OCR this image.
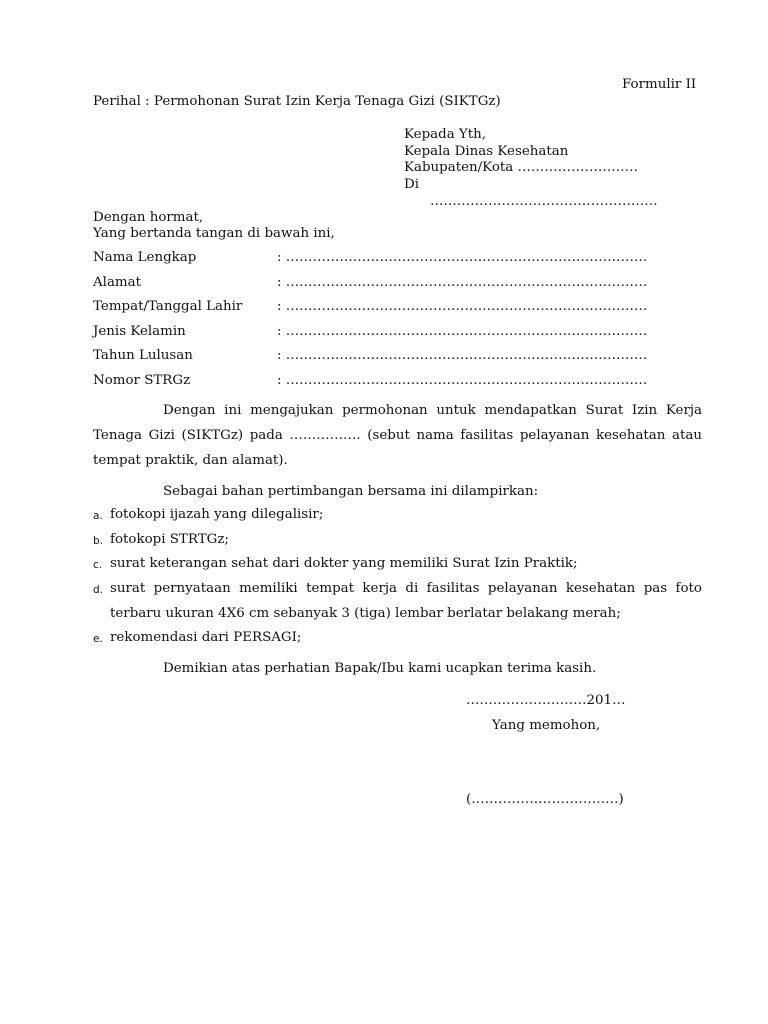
Formulir II
Perihal : Permohonan Surat Izin Kerja Tenaga Gizi (SIKTGz)
Kepada Yth,
Kepala Dinas Kesehatan
Kabupaten/Kota ………………………
Di
……………………………………………
Dengan hormat,
Yang bertanda tangan di bawah ini,
Nama Lengkap	: ………………………………………………………………………
Alamat	: ………………………………………………………………………
Tempat/Tanggal Lahir	: ………………………………………………………………………
Jenis Kelamin	: ………………………………………………………………………
Tahun Lulusan	: ………………………………………………………………………
Nomor STRGz	: ………………………………………………………………………
Dengan ini mengajukan permohonan untuk mendapatkan Surat Izin Kerja Tenaga Gizi (SIKTGz) pada ……………. (sebut nama fasilitas pelayanan kesehatan atau tempat praktik, dan alamat).
Sebagai bahan pertimbangan bersama ini dilampirkan:
a. fotokopi ijazah yang dilegalisir;
b. fotokopi STRTGz;
c. surat keterangan sehat dari dokter yang memiliki Surat Izin Praktik;
d. surat pernyataan memiliki tempat kerja di fasilitas pelayanan kesehatan pas foto terbaru ukuran 4X6 cm sebanyak 3 (tiga) lembar berlatar belakang merah;
e. rekomendasi dari PERSAGI;
Demikian atas perhatian Bapak/Ibu kami ucapkan terima kasih.
………………………201…
Yang memohon,
(……………………………)
